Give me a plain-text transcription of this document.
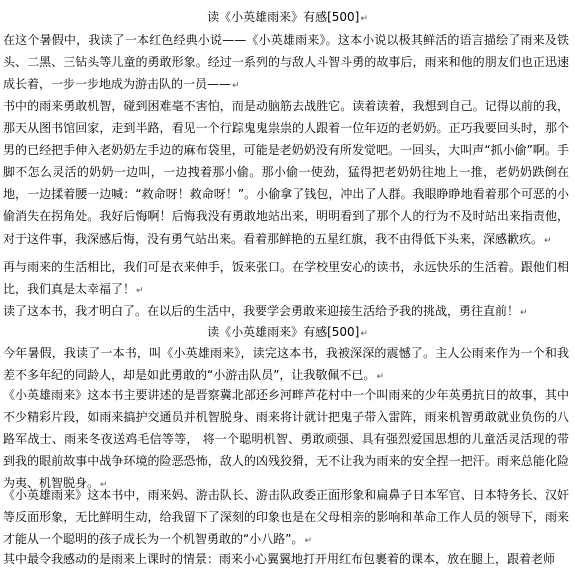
读《小英雄雨来》有感[500]↵
在这个暑假中，我读了一本红色经典小说——《小英雄雨来》。这本小说以极其鲜活的语言描绘了雨来及铁头、二黑、三钻头等儿童的勇敢形象。经过一系列的与敌人斗智斗勇的故事后，雨来和他的朋友们也正迅速成长着，一步一步地成为游击队的一员——↵
书中的雨来勇敢机智，碰到困难毫不害怕，而是动脑筋去战胜它。读着读着，我想到自己。记得以前的我，那天从图书馆回家，走到半路，看见一个行踪鬼鬼祟祟的人跟着一位年迈的老奶奶。正巧我要回头时，那个男的已经把手伸入老奶奶左手边的麻布袋里，可能是老奶奶没有所发觉吧。一回头，大叫声“抓小偷”啊。手脚不怎么灵活的奶奶一边叫，一边拽着那小偷。那小偷一使劲，猛得把老奶奶往地上一推，老奶奶跌倒在地，一边揉着腰一边喊：“救命呀！救命呀！”。小偷拿了钱包，冲出了人群。我眼睁睁地看着那个可恶的小偷消失在拐角处。我好后悔啊！后悔我没有勇敢地站出来，明明看到了那个人的行为不及时站出来指责他，对于这件事，我深感后悔，没有勇气站出来。看着那鲜艳的五星红旗，我不由得低下头来，深感歉疚。↵
再与雨来的生活相比，我们可是衣来伸手，饭来张口。在学校里安心的读书，永远快乐的生活着。跟他们相比，我们真是太幸福了！↵
读了这本书，我才明白了。在以后的生活中，我要学会勇敢来迎接生活给予我的挑战，勇往直前！↵
读《小英雄雨来》有感[500]↵
今年暑假，我读了一本书，叫《小英雄雨来》，读完这本书，我被深深的震憾了。主人公雨来作为一个和我差不多年纪的同龄人，却是如此勇敢的“小游击队员”，让我敬佩不已。↵
《小英雄雨来》这本书主要讲述的是晋察冀北部还乡河畔芦花村中一个叫雨来的少年英勇抗日的故事，其中不少精彩片段，如雨来搞护交通员并机智脱身、雨来将计就计把鬼子带入雷阵，雨来机智勇敢就业负伤的八路军战士、雨来冬夜送鸡毛信等等， 将一个聪明机智、勇敢顽强、具有强烈爱国思想的儿童活灵活现的带到我的眼前故事中战争环境的险恶恐怖，敌人的凶残狡猾，无不让我为雨来的安全捏一把汗。雨来总能化险为夷、机智脱身。↵
《小英雄雨来》这本书中，雨来妈、游击队长、游击队政委正面形象和扁鼻子日本军官、日本特务长、汉奸等反面形象，无比鲜明生动，给我留下了深刻的印象也是在父母相亲的影响和革命工作人员的领导下，雨来才能从一个聪明的孩子成长为一个机智勇敢的“小八路”。↵
其中最令我感动的是雨来上课时的情景：雨来小心翼翼地打开用红布包裹着的课本，放在腿上，跟着老师
